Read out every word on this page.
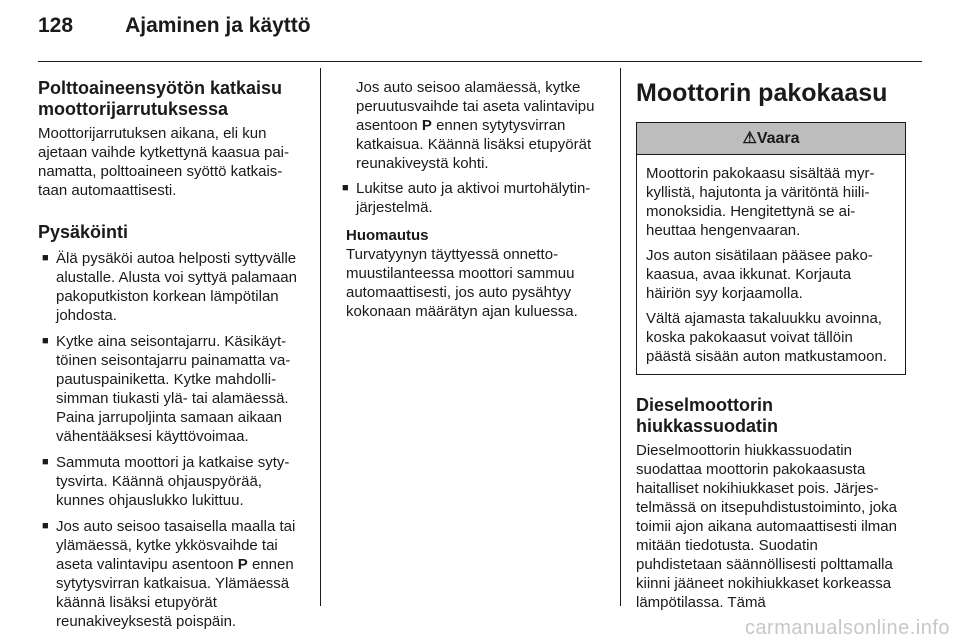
128 Ajaminen ja käyttö
Polttoaineensyötön katkaisu moottorijarrutuksessa

Moottorijarrutuksen aikana, eli kun ajetaan vaihde kytkettynä kaasua painamatta, polttoaineen syöttö katkaistaan automaattisesti.

Pysäköinti
■ Älä pysäköi autoa helposti syttyvälle alustalle. Alusta voi syttyä palamaan pakoputkiston korkean lämpötilan johdosta.
■ Kytke aina seisontajarru. Käsikäyttöinen seisontajarru painamatta vapautuspainiketta. Kytke mahdollisimman tiukasti ylä- tai alamäessä. Paina jarrupoljinta samaan aikaan vähentääksesi käyttövoimaa.
■ Sammuta moottori ja katkaise sytytysvirta. Käännä ohjauspyörää, kunnes ohjauslukko lukittuu.
■ Jos auto seisoo tasaisella maalla tai ylämäessä, kytke ykkösvaihde tai aseta valintavipu asentoon P ennen sytytysvirran katkaisua. Ylämäessä käännä lisäksi etupyörät reunakiveyksestä poispäin.

Jos auto seisoo alamäessä, kytke peruutusvaihde tai aseta valintavipu asentoon P ennen sytytysvirran katkaisua. Käännä lisäksi etupyörät reunakiveystä kohti.

■ Lukitse auto ja aktivoi murtohälytinjärjestelmä.

Huomautus

Turvatyynyn täyttyessä onnettomuustilanteessa moottori sammuu automaattisesti, jos auto pysähtyy kokonaan määrätyn ajan kuluessa.

Moottorin pakokaasu
⚠Vaara

Moottorin pakokaasu sisältää myrkyllistä, hajutonta ja väritöntä hiilimonoksidia. Hengitettynä se aiheuttaa hengenvaaran.

Jos auton sisätilaan pääsee pakokaasua, avaa ikkunat. Korjauta häiriön syy korjaamolla.

Vältä ajamasta takaluukku avoinna, koska pakokaasut voivat tällöin päästä sisään auton matkustamoon.

Dieselmoottorin hiukkassuodatin

Dieselmoottorin hiukkassuodatin suodattaa moottorin pakokaasusta haitalliset nokihiukkaset pois. Järjestelmässä on itsepuhdistustoiminto, joka toimii ajon aikana automaattisesti ilman mitään tiedotusta. Suodatin puhdistetaan säännöllisesti polttamalla kiinni jääneet nokihiukkaset korkeassa lämpötilassa. Tämä

carmanualsonline.info
